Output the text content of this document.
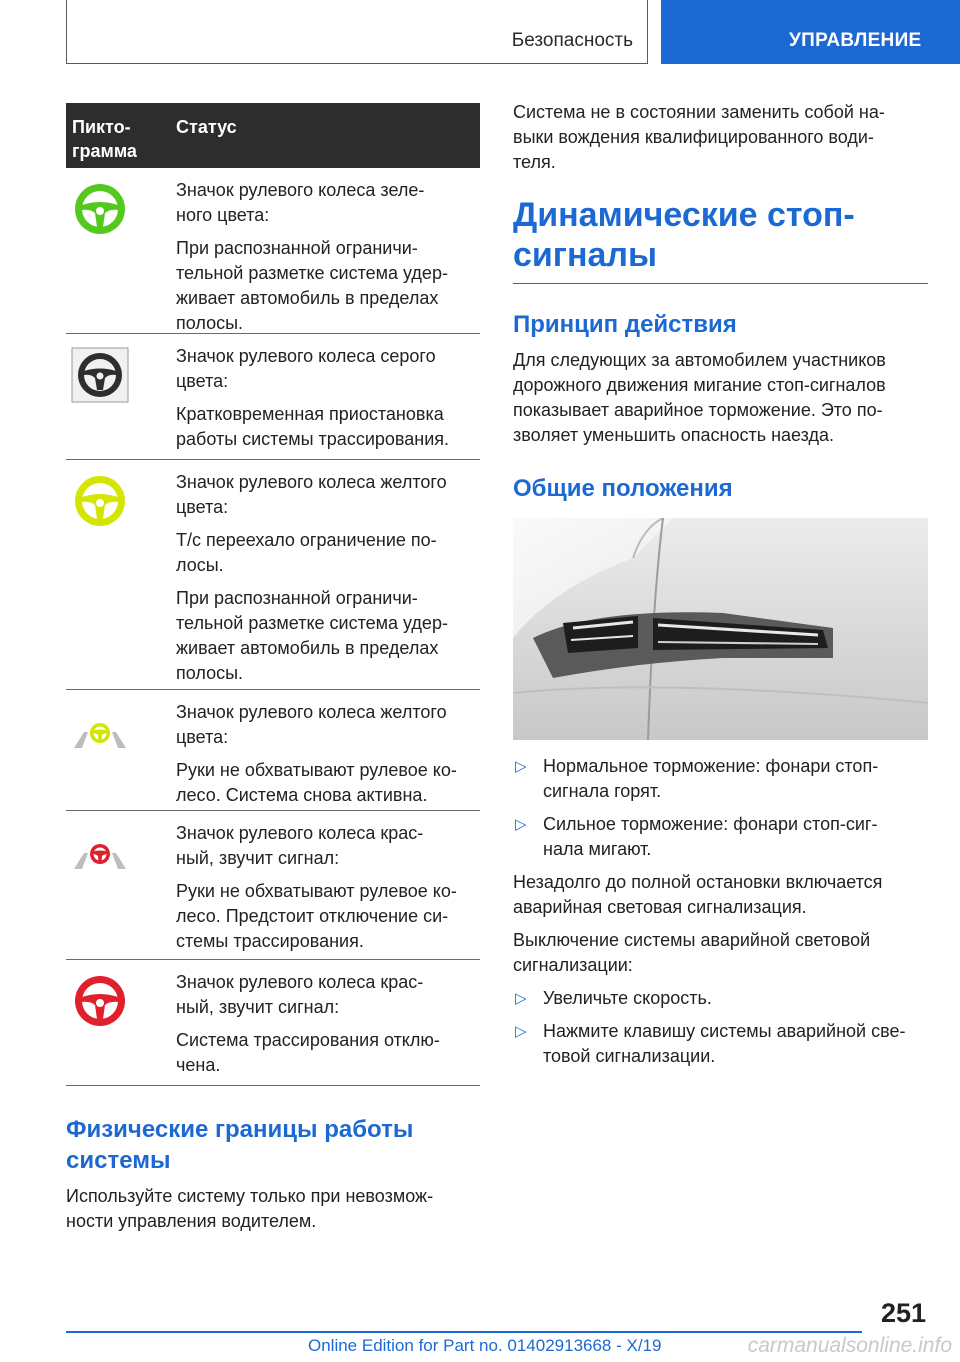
Безопасность	УПРАВЛЕНИЕ
Пикто-
грамма
Статус

Значок рулевого колеса зеле-
ного цвета:

При распознанной ограничи-
тельной разметке система удер-
живает автомобиль в пределах
полосы.

Значок рулевого колеса серого
цвета:

Кратковременная приостановка
работы системы трассирования.

Значок рулевого колеса желтого
цвета:

Т/с переехало ограничение по-
лосы.

При распознанной ограничи-
тельной разметке система удер-
живает автомобиль в пределах
полосы.

Значок рулевого колеса желтого
цвета:

Руки не обхватывают рулевое ко-
лесо. Система снова активна.

Значок рулевого колеса крас-
ный, звучит сигнал:

Руки не обхватывают рулевое ко-
лесо. Предстоит отключение си-
стемы трассирования.

Значок рулевого колеса крас-
ный, звучит сигнал:

Система трассирования отклю-
чена.

Физические границы работы
системы

Используйте систему только при невозмож-
ности управления водителем.

Система не в состоянии заменить собой на-
выки вождения квалифицированного води-
теля.

Динамические стоп-
сигналы
Принцип действия

Для следующих за автомобилем участников
дорожного движения мигание стоп-сигналов
показывает аварийное торможение. Это по-
зволяет уменьшить опасность наезда.

Общие положения
▷ Нормальное торможение: фонари стоп-
сигнала горят.
▷ Сильное торможение: фонари стоп-сиг-
нала мигают.

Незадолго до полной остановки включается
аварийная световая сигнализация.

Выключение системы аварийной световой
сигнализации:

▷ Увеличьте скорость.
▷ Нажмите клавишу системы аварийной све-
товой сигнализации.
251
Online Edition for Part no. 01402913668 - X/19	carmanualsonline.info
